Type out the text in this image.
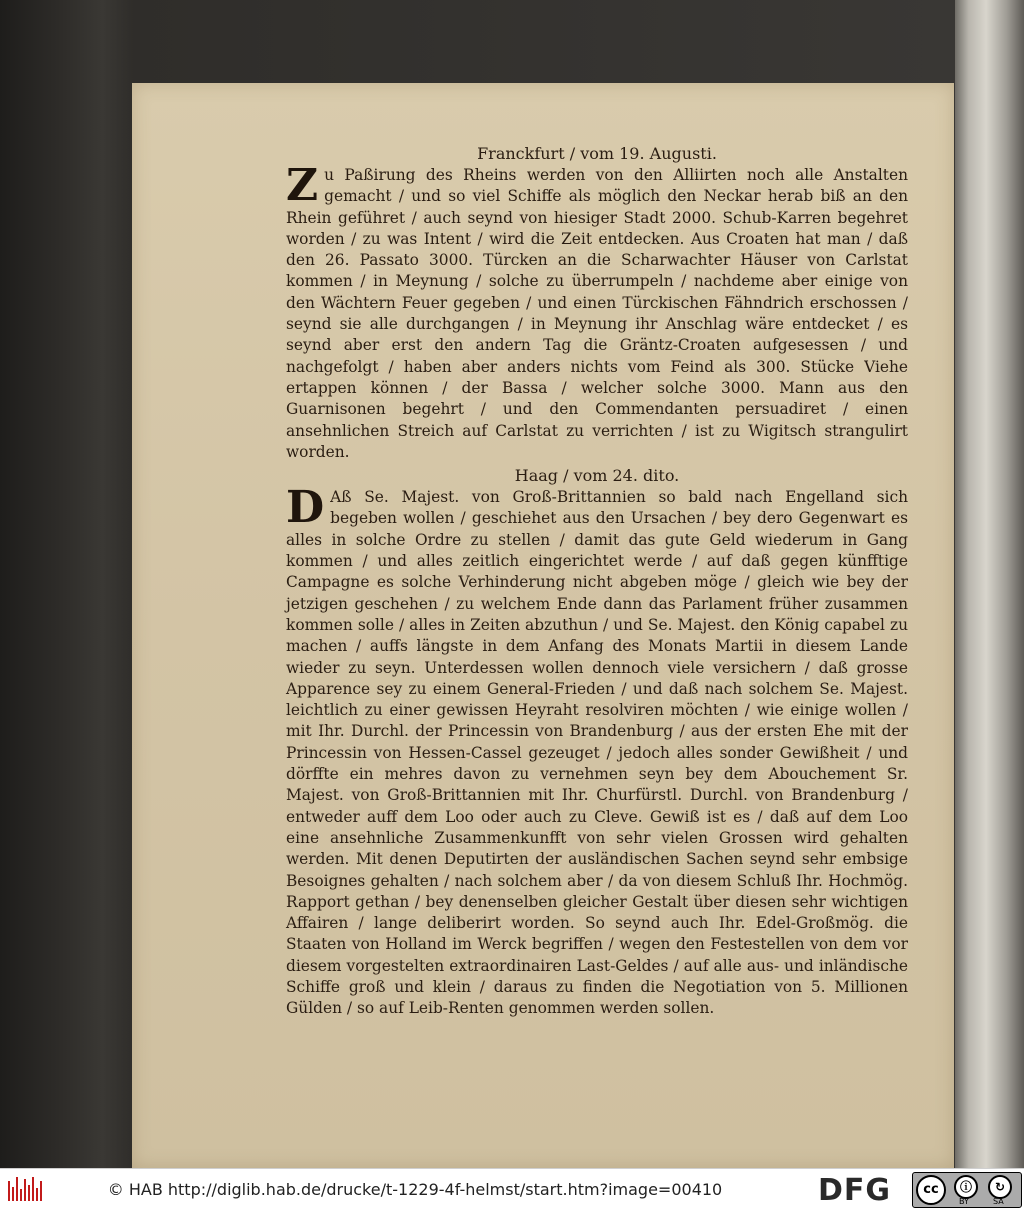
Franckfurt / vom 19. Augusti.

Zu Paßirung des Rheins werden von den Alliirten noch alle Anstalten gemacht / und so viel Schiffe als möglich den Neckar herab biß an den Rhein geführet / auch seynd von hiesiger Stadt 2000. Schub-Karren begehret worden / zu was Intent / wird die Zeit entdecken. Aus Croaten hat man / daß den 26. Passato 3000. Türcken an die Scharwachter Häuser von Carlstat kommen / in Meynung / solche zu überrumpeln / nachdeme aber einige von den Wächtern Feuer gegeben / und einen Türckischen Fähndrich erschossen / seynd sie alle durchgangen / in Meynung ihr Anschlag wäre entdecket / es seynd aber erst den andern Tag die Gräntz-Croaten aufgesessen / und nachgefolgt / haben aber anders nichts vom Feind als 300. Stücke Viehe ertappen können / der Bassa / welcher solche 3000. Mann aus den Guarnisonen begehrt / und den Commendanten persuadiret / einen ansehnlichen Streich auf Carlstat zu verrichten / ist zu Wigitsch strangulirt worden.

Haag / vom 24. dito.

D Aß Se. Majest. von Groß-Brittannien so bald nach Engelland sich begeben wollen / geschiehet aus den Ursachen / bey dero Gegenwart es alles in solche Ordre zu stellen / damit das gute Geld wiederum in Gang kommen / und alles zeitlich eingerichtet werde / auf daß gegen künfftige Campagne es solche Verhinderung nicht abgeben möge / gleich wie bey der jetzigen geschehen / zu welchem Ende dann das Parlament früher zusammen kommen solle / alles in Zeiten abzuthun / und Se. Majest. den König capabel zu machen / auffs längste in dem Anfang des Monats Martii in diesem Lande wieder zu seyn. Unterdessen wollen dennoch viele versichern / daß grosse Apparence sey zu einem General-Frieden / und daß nach solchem Se. Majest. leichtlich zu einer gewissen Heyraht resolviren möchten / wie einige wollen / mit Ihr. Durchl. der Princessin von Brandenburg / aus der ersten Ehe mit der Princessin von Hessen-Cassel gezeuget / jedoch alles sonder Gewißheit / und dörffte ein mehres davon zu vernehmen seyn bey dem Abouchement Sr. Majest. von Groß-Brittannien mit Ihr. Churfürstl. Durchl. von Brandenburg / entweder auff dem Loo oder auch zu Cleve. Gewiß ist es / daß auf dem Loo eine ansehnliche Zusammenkunfft von sehr vielen Grossen wird gehalten werden. Mit denen Deputirten der ausländischen Sachen seynd sehr embsige Besoignes gehalten / nach solchem aber / da von diesem Schluß Ihr. Hochmög. Rapport gethan / bey denenselben gleicher Gestalt über diesen sehr wichtigen Affairen / lange deliberirt worden. So seynd auch Ihr. Edel-Großmög. die Staaten von Holland im Werck begriffen / wegen den Festestellen von dem vor diesem vorgestelten extraordinairen Last-Geldes / auf alle aus- und inländische Schiffe groß und klein / daraus zu finden die Negotiation von 5. Millionen Gülden / so auf Leib-Renten genommen werden sollen.

© HAB http://diglib.hab.de/drucke/t-1229-4f-helmst/start.htm?image=00410	DFG	cc	ⓘ
BY
↻
SA
